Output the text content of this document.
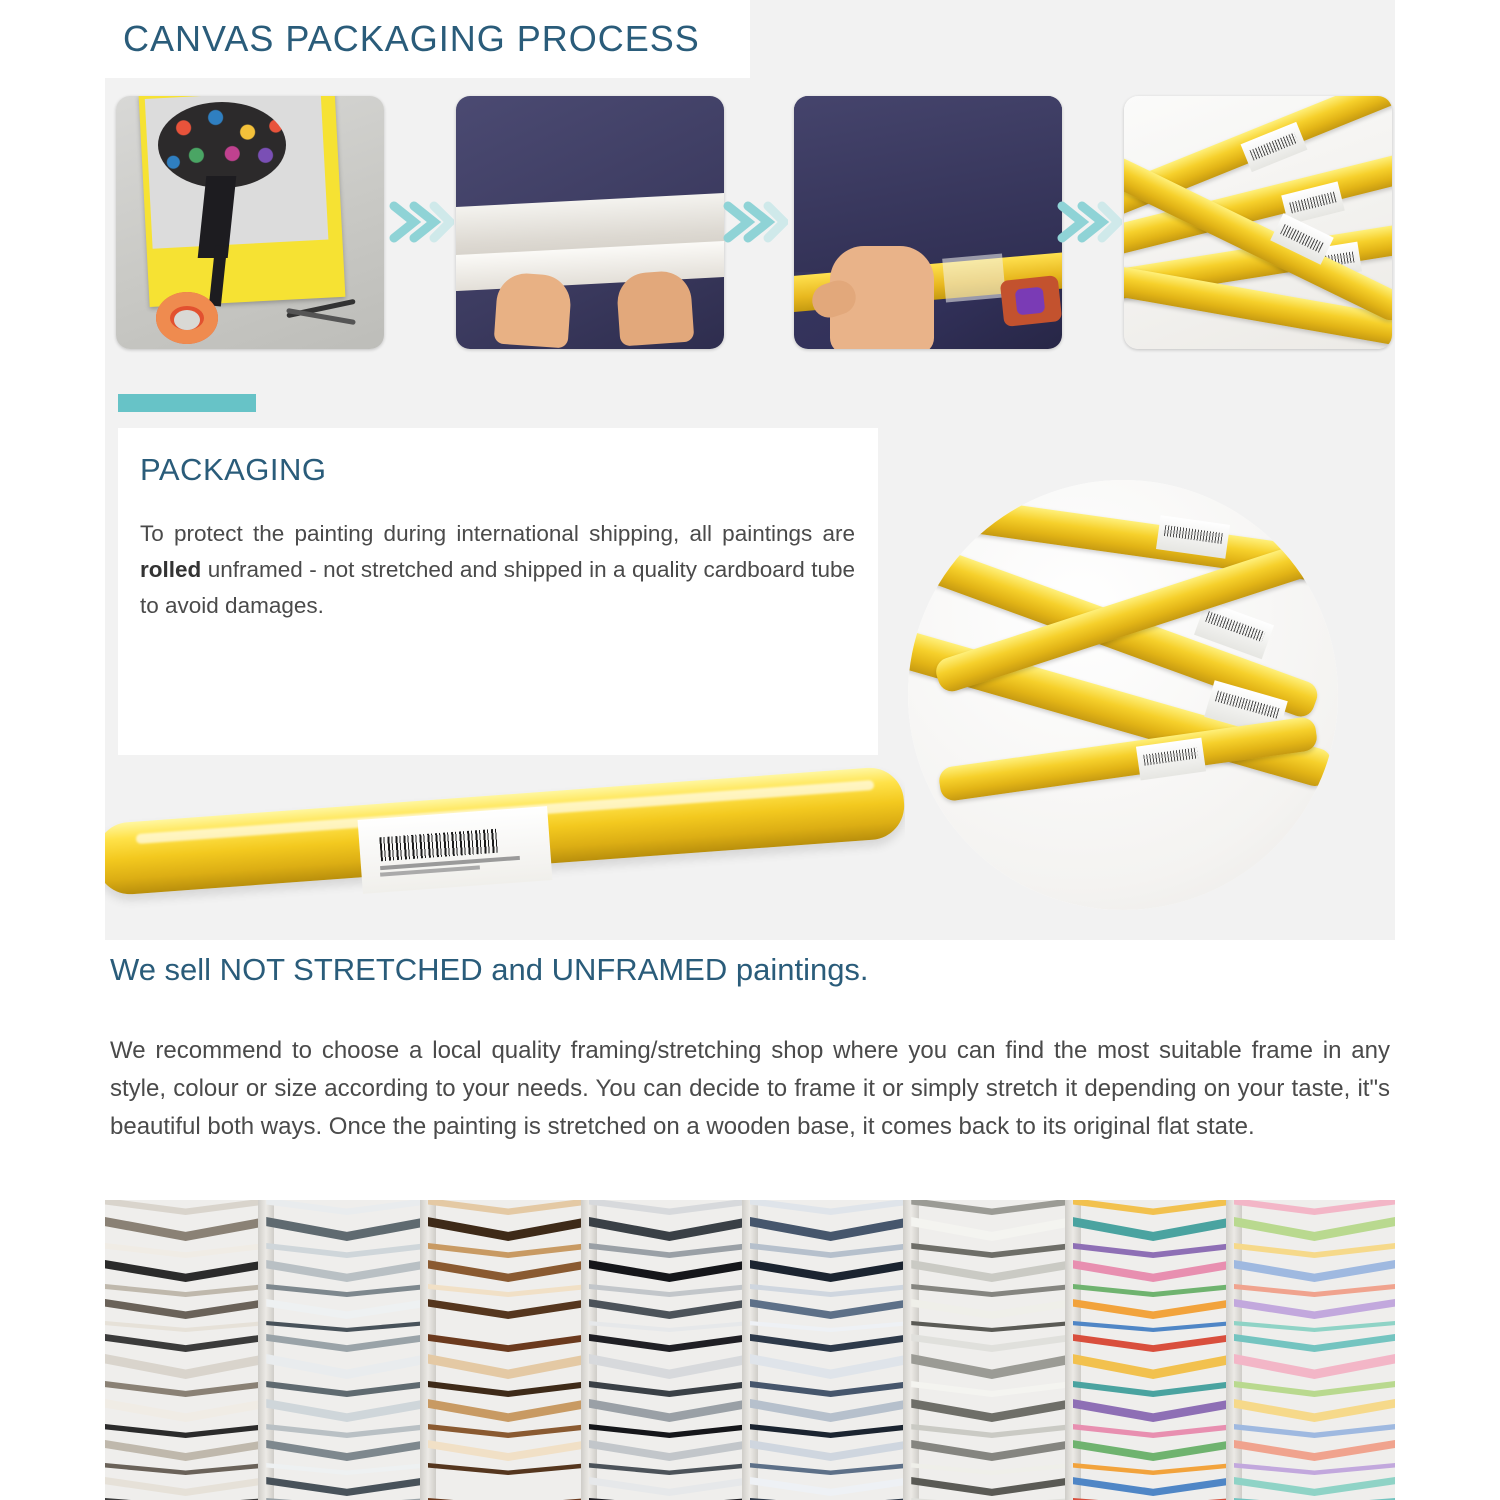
CANVAS PACKAGING PROCESS
PACKAGING
To protect the painting during international shipping, all paintings are rolled unframed - not stretched and shipped in a quality cardboard tube to avoid damages.
We sell NOT STRETCHED and UNFRAMED paintings.
We recommend to choose a local quality framing/stretching shop where you can find the most suitable frame in any style, colour or size according to your needs. You can decide to frame it or simply stretch it depending on your taste, it"s beautiful both ways. Once the painting is stretched on a wooden base, it comes back to its original flat state.
